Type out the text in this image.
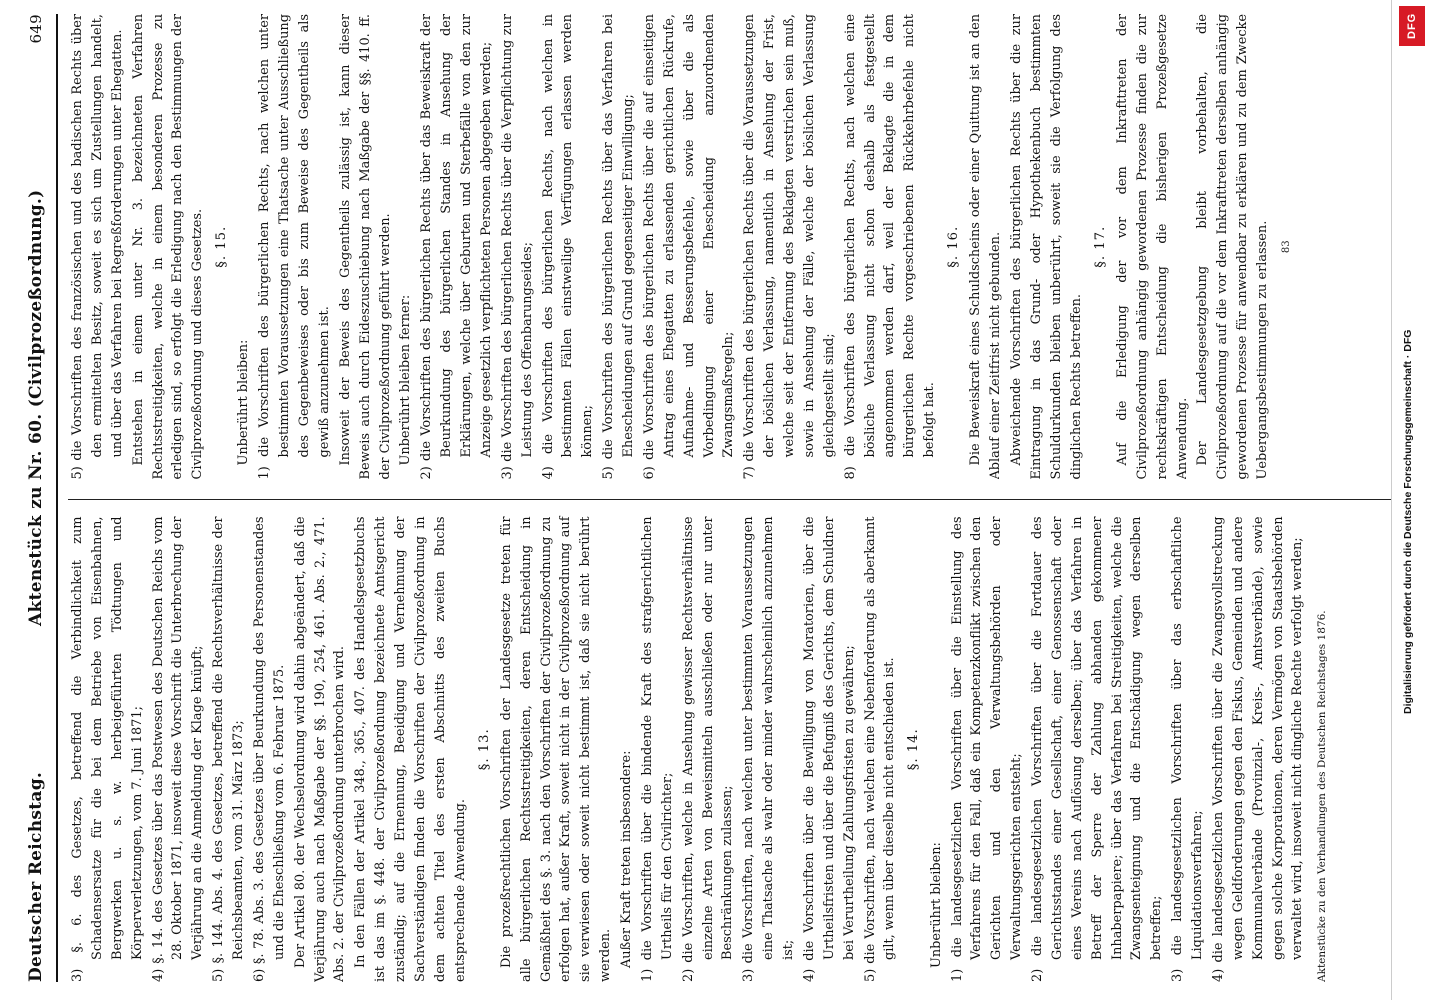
Deutscher Reichstag.
Aktenstück zu Nr. 60. (Civilprozeßordnung.)
649
3) §. 6. des Gesetzes, betreffend die Verbindlichkeit zum Schadensersatze für die bei dem Betriebe von Eisenbahnen, Bergwerken u. s. w. herbeigeführten Tödtungen und Körperverletzungen, vom 7. Juni 1871; 4) §. 14. des Gesetzes über das Postwesen des Deutschen Reichs vom 28. Oktober 1871, insoweit diese Vorschrift die Unterbrechung der Verjährung an die Anmeldung der Klage knüpft; 5) §. 144. Abs. 4. des Gesetzes, betreffend die Rechtsverhältnisse der Reichsbeamten, vom 31. März 1873; 6) §. 78. Abs. 3. des Gesetzes über Beurkundung des Personenstandes und die Eheschließung vom 6. Februar 1875. Der Artikel 80. der Wechselordnung wird dahin abgeändert, daß die Verjährung auch nach Maßgabe der §§. 190, 254, 461. Abs. 2., 471. Abs. 2. der Civilprozeßordnung unterbrochen wird. In den Fällen der Artikel 348., 365., 407. des Handelsgesetzbuchs ist das im §. 448. der Civilprozeßordnung bezeichnete Amtsgericht zuständig; auf die Ernennung, Beeidigung und Vernehmung der Sachverständigen finden die Vorschriften der Civilprozeßordnung in dem achten Titel des ersten Abschnitts des zweiten Buchs entsprechende Anwendung.
§. 13. Die prozeßrechtlichen Vorschriften der Landesgesetze treten für alle bürgerlichen Rechtsstreitigkeiten, deren Entscheidung in Gemäßheit des §. 3. nach den Vorschriften der Civilprozeßordnung zu erfolgen hat, außer Kraft, soweit nicht in der Civilprozeßordnung auf sie verwiesen oder soweit nicht bestimmt ist, daß sie nicht berührt werden. Außer Kraft treten insbesondere: 1) die Vorschriften über die bindende Kraft des strafgerichtlichen Urtheils für den Civilrichter; 2) die Vorschriften, welche in Ansehung gewisser Rechtsverhältnisse einzelne Arten von Beweismitteln ausschließen oder nur unter Beschränkungen zulassen; 3) die Vorschriften, nach welchen unter bestimmten Voraussetzungen eine Thatsache als wahr oder minder wahrscheinlich anzunehmen ist; 4) die Vorschriften über die Bewilligung von Moratorien, über die Urtheilsfristen und über die Befugniß des Gerichts, dem Schuldner bei Verurtheilung Zahlungsfristen zu gewähren; 5) die Vorschriften, nach welchen eine Nebenforderung als aberkannt gilt, wenn über dieselbe nicht entschieden ist. §. 14.
Unberührt bleiben: 1) die landesgesetzlichen Vorschriften über die Einstellung des Verfahrens für den Fall, daß ein Kompetenzkonflikt zwischen den Gerichten und den Verwaltungsbehörden oder Verwaltungsgerichten entsteht; 2) die landesgesetzlichen Vorschriften über die Fortdauer des Gerichtsstandes einer Gesellschaft, einer Genossenschaft oder eines Vereins nach Auflösung derselben; über das Verfahren in Betreff der Sperre der Zahlung abhanden gekommener Inhaberpapiere; über das Verfahren bei Streitigkeiten, welche die Zwangsenteignung und die Entschädigung wegen derselben betreffen; 3) die landesgesetzlichen Vorschriften über das erbschaftliche Liquidationsverfahren; 4) die landesgesetzlichen Vorschriften über die Zwangsvollstreckung wegen Geldforderungen gegen den Fiskus, Gemeinden und andere Kommunalverbände (Provinzial-, Kreis-, Amtsverbände), sowie gegen solche Korporationen, deren Vermögen von Staatsbehörden verwaltet wird, insoweit nicht dingliche Rechte verfolgt werden; Aktenstücke zu den Verhandlungen des Deutschen Reichstages 1876.
5) die Vorschriften des französischen und des badischen Rechts über den ermittelten Besitz, soweit es sich um Zustellungen handelt, und über das Verfahren bei Regreßforderungen unter Ehegatten. Entstehen in einem unter Nr. 3. bezeichneten Verfahren Rechtsstreitigkeiten, welche in einem besonderen Prozesse zu erledigen sind, so erfolgt die Erledigung nach den Bestimmungen der Civilprozeßordnung und dieses Gesetzes. §. 15.
Unberührt bleiben: 1) die Vorschriften des bürgerlichen Rechts, nach welchen unter bestimmten Voraussetzungen eine Thatsache unter Ausschließung des Gegenbeweises oder bis zum Beweise des Gegentheils als gewiß anzunehmen ist. Insoweit der Beweis des Gegentheils zulässig ist, kann dieser Beweis auch durch Eideszuschiebung nach Maßgabe der §§. 410. ff. der Civilprozeßordnung geführt werden. Unberührt bleiben ferner: 2) die Vorschriften des bürgerlichen Rechts über das Beweiskraft der Beurkundung des bürgerlichen Standes in Ansehung der Erklärungen, welche über Geburten und Sterbefälle von den zur Anzeige gesetzlich verpflichteten Personen abgegeben werden; 3) die Vorschriften des bürgerlichen Rechts über die Verpflichtung zur Leistung des Offenbarungseides; 4) die Vorschriften des bürgerlichen Rechts, nach welchen in bestimmten Fällen einstweilige Verfügungen erlassen werden können; 5) die Vorschriften des bürgerlichen Rechts über das Verfahren bei Ehescheidungen auf Grund gegenseitiger Einwilligung; 6) die Vorschriften des bürgerlichen Rechts über die auf einseitigen Antrag eines Ehegatten zu erlassenden gerichtlichen Rückrufe, Aufnahme- und Besserungsbefehle, sowie über die als Vorbedingung einer Ehescheidung anzuordnenden Zwangsmaßregeln; 7) die Vorschriften des bürgerlichen Rechts über die Voraussetzungen der böslichen Verlassung, namentlich in Ansehung der Frist, welche seit der Entfernung des Beklagten verstrichen sein muß, sowie in Ansehung der Fälle, welche der böslichen Verlassung gleichgestellt sind; 8) die Vorschriften des bürgerlichen Rechts, nach welchen eine bösliche Verlassung nicht schon deshalb als festgestellt angenommen werden darf, weil der Beklagte die in dem bürgerlichen Rechte vorgeschriebenen Rückkehrbefehle nicht befolgt hat.
§. 16. Die Beweiskraft eines Schuldscheins oder einer Quittung ist an den Ablauf einer Zeitfrist nicht gebunden. Abweichende Vorschriften des bürgerlichen Rechts über die zur Eintragung in das Grund- oder Hypothekenbuch bestimmten Schuldurkunden bleiben unberührt, soweit sie die Verfolgung des dinglichen Rechts betreffen.
§. 17. Auf die Erledigung der vor dem Inkrafttreten der Civilprozeßordnung anhängig gewordenen Prozesse finden die zur rechtskräftigen Entscheidung die bisherigen Prozeßgesetze Anwendung. Der Landesgesetzgebung bleibt vorbehalten, die Civilprozeßordnung auf die vor dem Inkrafttreten derselben anhängig gewordenen Prozesse für anwendbar zu erklären und zu dem Zwecke Uebergangsbestimmungen zu erlassen. 83
DFG
Digitalisierung gefördert durch die Deutsche Forschungsgemeinschaft · DFG
